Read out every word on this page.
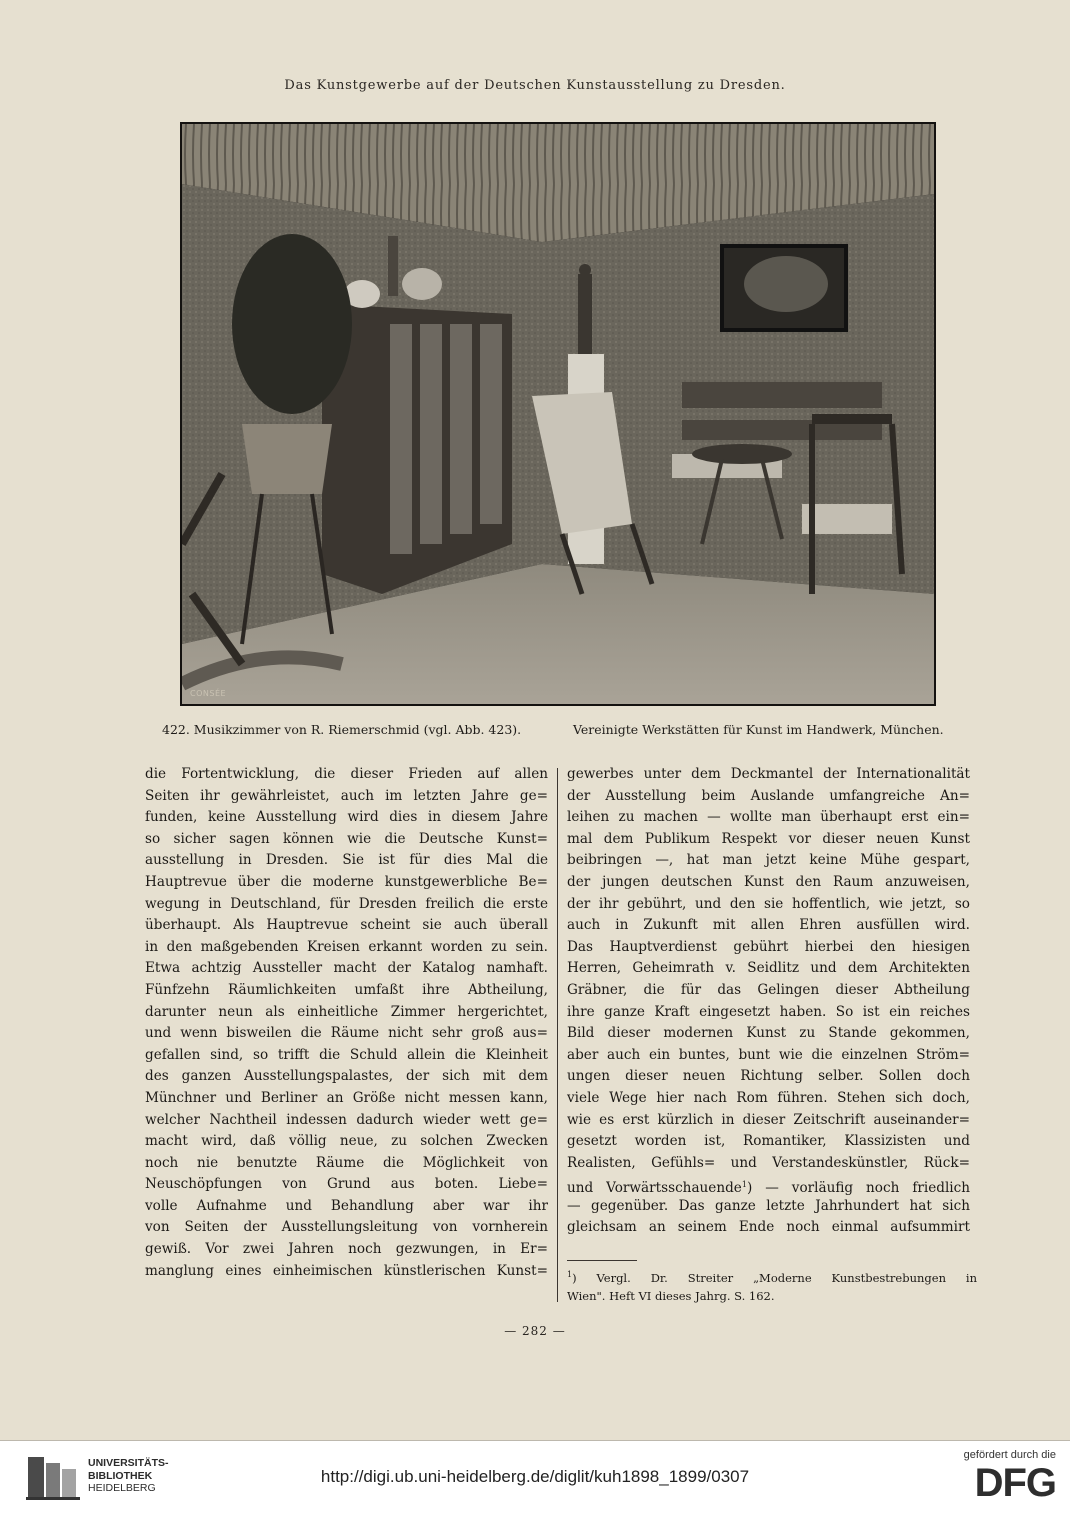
Das Kunstgewerbe auf der Deutschen Kunstausstellung zu Dresden.
CONSÉE
422. Musikzimmer von R. Riemerschmid (vgl. Abb. 423).	Vereinigte Werkstätten für Kunst im Handwerk, München.
die Fortentwicklung, die dieser Frieden auf allen
Seiten ihr gewährleistet, auch im letzten Jahre ge=
funden, keine Ausstellung wird dies in diesem Jahre
so sicher sagen können wie die Deutsche Kunst=
ausstellung in Dresden. Sie ist für dies Mal die
Hauptrevue über die moderne kunstgewerbliche Be=
wegung in Deutschland, für Dresden freilich die erste
überhaupt. Als Hauptrevue scheint sie auch überall
in den maßgebenden Kreisen erkannt worden zu sein.
Etwa achtzig Aussteller macht der Katalog namhaft.
Fünfzehn Räumlichkeiten umfaßt ihre Abtheilung,
darunter neun als einheitliche Zimmer hergerichtet,
und wenn bisweilen die Räume nicht sehr groß aus=
gefallen sind, so trifft die Schuld allein die Kleinheit
des ganzen Ausstellungspalastes, der sich mit dem
Münchner und Berliner an Größe nicht messen kann,
welcher Nachtheil indessen dadurch wieder wett ge=
macht wird, daß völlig neue, zu solchen Zwecken
noch nie benutzte Räume die Möglichkeit von
Neuschöpfungen von Grund aus boten. Liebe=
volle Aufnahme und Behandlung aber war ihr
von Seiten der Ausstellungsleitung von vornherein
gewiß. Vor zwei Jahren noch gezwungen, in Er=
manglung eines einheimischen künstlerischen Kunst=
gewerbes unter dem Deckmantel der Internationalität
der Ausstellung beim Auslande umfangreiche An=
leihen zu machen — wollte man überhaupt erst ein=
mal dem Publikum Respekt vor dieser neuen Kunst
beibringen —, hat man jetzt keine Mühe gespart,
der jungen deutschen Kunst den Raum anzuweisen,
der ihr gebührt, und den sie hoffentlich, wie jetzt, so
auch in Zukunft mit allen Ehren ausfüllen wird.
Das Hauptverdienst gebührt hierbei den hiesigen
Herren, Geheimrath v. Seidlitz und dem Architekten
Gräbner, die für das Gelingen dieser Abtheilung
ihre ganze Kraft eingesetzt haben. So ist ein reiches
Bild dieser modernen Kunst zu Stande gekommen,
aber auch ein buntes, bunt wie die einzelnen Ström=
ungen dieser neuen Richtung selber. Sollen doch
viele Wege hier nach Rom führen. Stehen sich doch,
wie es erst kürzlich in dieser Zeitschrift auseinander=
gesetzt worden ist, Romantiker, Klassizisten und
Realisten, Gefühls= und Verstandeskünstler, Rück=
und Vorwärtsschauende$^1$) — vorläufig noch friedlich
— gegenüber. Das ganze letzte Jahrhundert hat sich
gleichsam an seinem Ende noch einmal aufsummirt
$^1$) Vergl. Dr. Streiter „Moderne Kunstbestrebungen in
Wien". Heft VI dieses Jahrg. S. 162.
— 282 —
UNIVERSITÄTS-
BIBLIOTHEK
HEIDELBERG
http://digi.ub.uni-heidelberg.de/diglit/kuh1898_1899/0307
gefördert durch die
DFG
